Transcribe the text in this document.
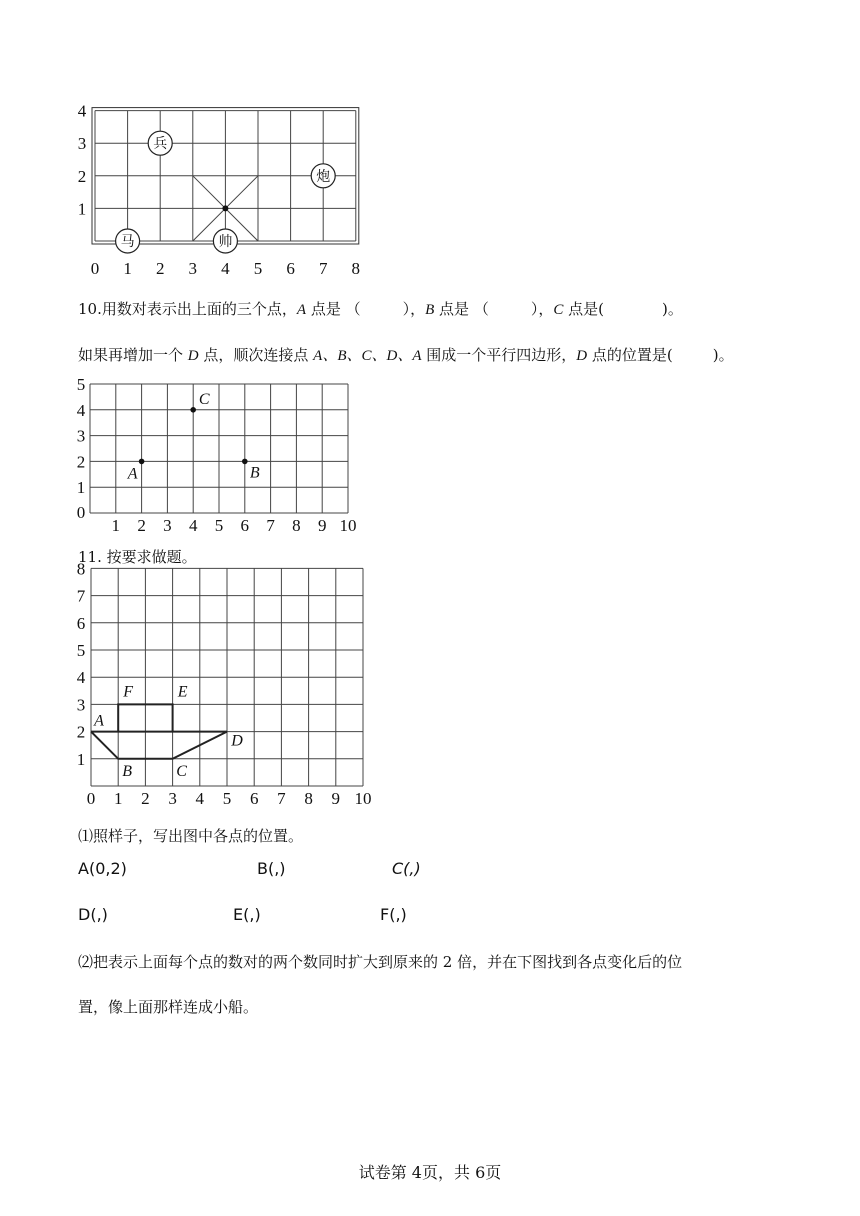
0 1 2 3 4 5 6 7 8
1
2
3
4
兵
炮
马	帅
10.用数对表示出上面的三个点，A 点是 （	），B 点是 （	），C 点是(	)。
如果再增加一个 D 点，顺次连接点 A、B、C、D、A 围成一个平行四边形，D 点的位置是(	)。
0
1 2 3 4 5 6 7 8 9 10
1
2
3
4
5
A	B
C
11. 按要求做题。
0 1 2 3 4 5 6 7 8 9 10
1
2
3
4
5
6
7
8
A
B	C
D
E
F
⑴照样子，写出图中各点的位置。
A(0,2)	B(,)	C(,)
D(,)	E(,)	F(,)
⑵把表示上面每个点的数对的两个数同时扩大到原来的 2 倍，并在下图找到各点变化后的位
置，像上面那样连成小船。
试卷第 4页，共 6页
